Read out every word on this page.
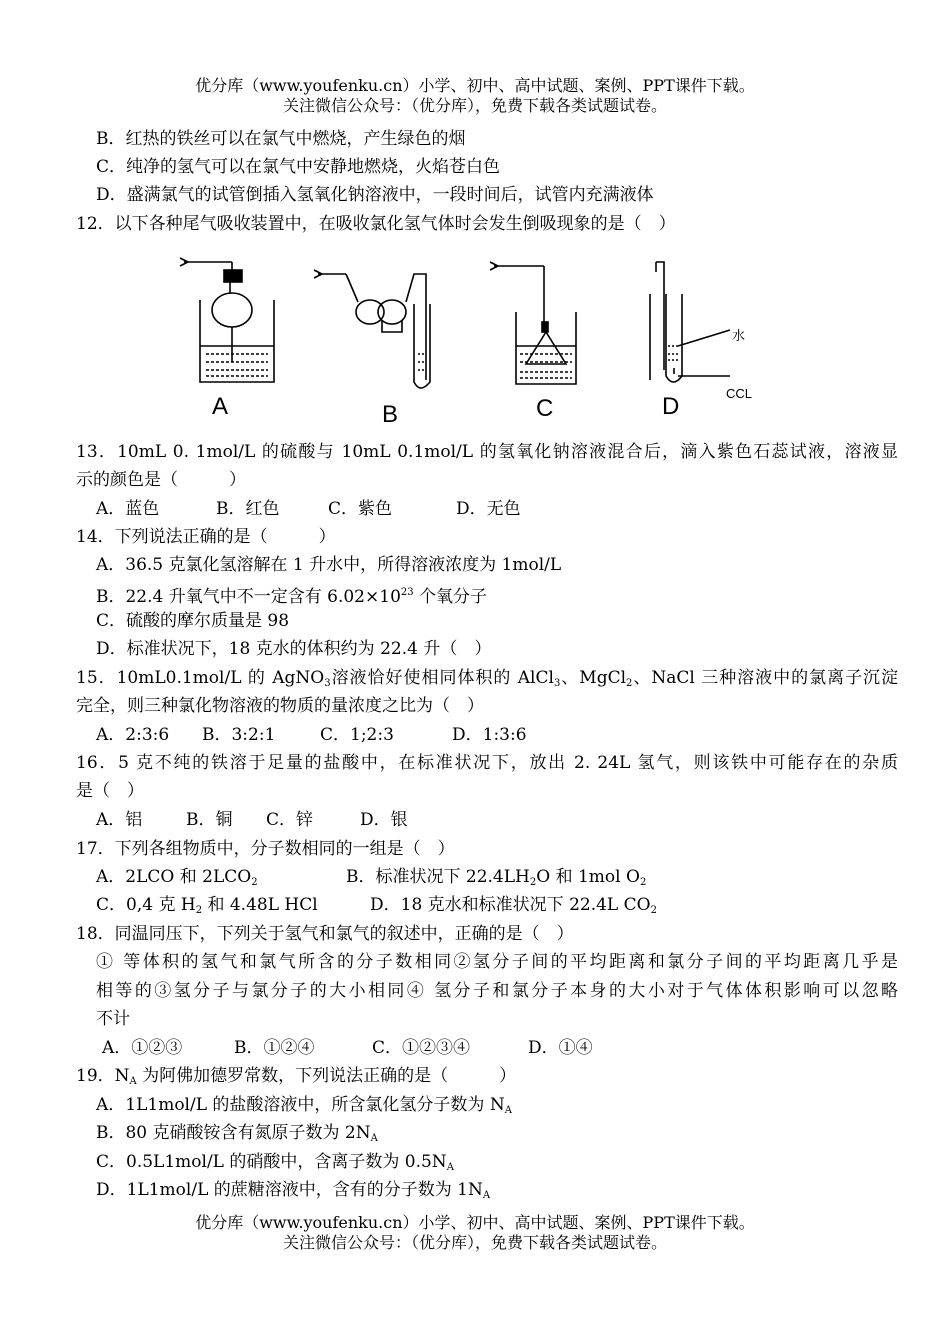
优分库（www.youfenku.cn）小学、初中、高中试题、案例、PPT课件下载。
关注微信公众号：（优分库），免费下载各类试题试卷。
B．红热的铁丝可以在氯气中燃烧，产生绿色的烟
C．纯净的氢气可以在氯气中安静地燃烧，火焰苍白色
D．盛满氯气的试管倒插入氢氧化钠溶液中，一段时间后，试管内充满液体
12．以下各种尾气吸收装置中，在吸收氯化氢气体时会发生倒吸现象的是（　）
A	B	C	D
水
CCL
13．10mL 0. 1mol/L 的硫酸与 10mL 0.1mol/L 的氢氧化钠溶液混合后，滴入紫色石蕊试液，溶液显
示的颜色是（　　　）
A．蓝色	B．红色	C．紫色	D．无色
14．下列说法正确的是（　　　）
A．36.5 克氯化氢溶解在 1 升水中，所得溶液浓度为 1mol/L
B．22.4 升氧气中不一定含有 $6.02\times 10^{23}$ 个氧分子
C．硫酸的摩尔质量是 98
D．标准状况下，18 克水的体积约为 22.4 升（　）
15．10mL0.1mol/L 的 AgNO$_3$溶液恰好使相同体积的 AlCl$_3$、MgCl$_2$、NaCl 三种溶液中的氯离子沉淀
完全，则三种氯化物溶液的物质的量浓度之比为（　）
A．2:3:6 B．3:2:1	C．1;2:3	D．1:3:6
16．5 克不纯的铁溶于足量的盐酸中，在标准状况下，放出 2. 24L 氢气，则该铁中可能存在的杂质
是（　）
A．铝	B．铜 C．锌	D．银
17．下列各组物质中，分子数相同的一组是（　）
A．2LCO 和 $2LCO_2$	B．标准状况下 $22.4LH_2O$ 和 1mol $O_2$
C．0,4 克 $H_2$ 和 4.48L HCl	D．18 克水和标准状况下 22.4L $CO_2$
18．同温同压下，下列关于氢气和氯气的叙述中，正确的是（　）
① 等体积的氢气和氯气所含的分子数相同②氢分子间的平均距离和氯分子间的平均距离几乎是
相等的③氢分子与氯分子的大小相同④ 氢分子和氯分子本身的大小对于气体体积影响可以忽略
不计
A．①②③	B．①②④	C．①②③④	D．①④
19．$N_A$ 为阿佛加德罗常数，下列说法正确的是（　　　）
A．1L1mol/L 的盐酸溶液中，所含氯化氢分子数为 $N_A$
B．80 克硝酸铵含有氮原子数为 $2N_A$
C．0.5L1mol/L 的硝酸中，含离子数为 $0.5N_A$
D．1L1mol/L 的蔗糖溶液中，含有的分子数为 $1N_A$
优分库（www.youfenku.cn）小学、初中、高中试题、案例、PPT课件下载。
关注微信公众号：（优分库），免费下载各类试题试卷。
